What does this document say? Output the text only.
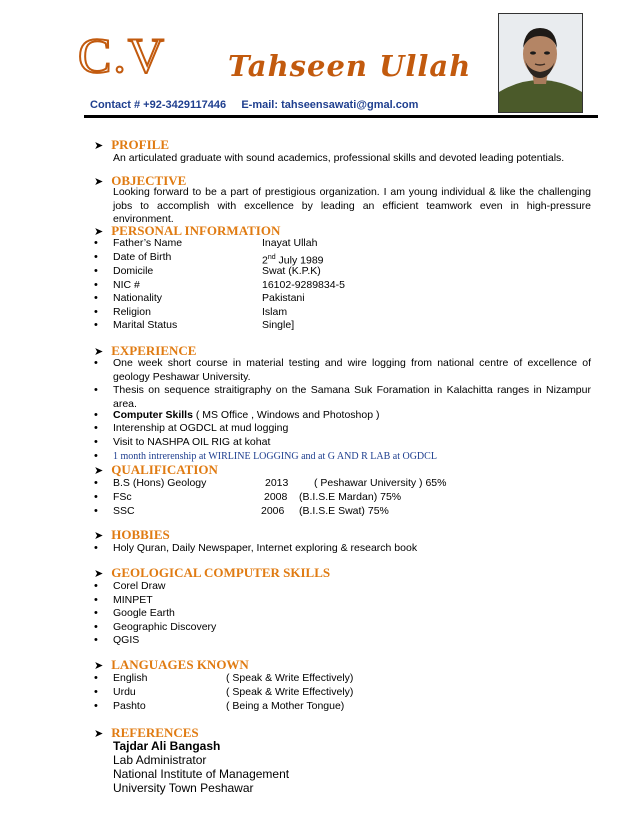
C.V Tahseen Ullah
Contact # +92-3429117446     E-mail: tahseensawati@gmal.com
➤ PROFILE
An articulated graduate with sound academics, professional skills and devoted leading potentials.
➤ OBJECTIVE
Looking forward to be a part of prestigious organization. I am young individual & like the challenging jobs to accomplish with excellence by leading an efficient teamwork even in high-pressure environment.
➤ PERSONAL INFORMATION
• Father’s Name	Inayat Ullah
• Date of Birth	2nd July 1989
• Domicile	Swat (K.P.K)
• NIC #	16102-9289834-5
• Nationality	Pakistani
• Religion	Islam
• Marital Status	Single]
➤ EXPERIENCE
• One week short course in material testing and wire logging from national centre of excellence of geology Peshawar University.
• Thesis on sequence straitigraphy on the Samana Suk Foramation in Kalachitta ranges in Nizampur area.
• Computer Skills ( MS Office , Windows and Photoshop )
• Interenship at OGDCL at mud logging
• Visit to NASHPA OIL RIG at kohat
• 1 month intrerenship at WIRLINE LOGGING and at G AND R LAB at OGDCL
➤ QUALIFICATION
• B.S (Hons) Geology	2013 ( Peshawar University ) 65%
• FSc	2008 (B.I.S.E Mardan) 75%
• SSC	2006 (B.I.S.E Swat) 75%
➤ HOBBIES
• Holy Quran, Daily Newspaper, Internet exploring & research book
➤ GEOLOGICAL COMPUTER SKILLS
• Corel Draw
• MINPET
• Google Earth
• Geographic Discovery
• QGIS
➤ LANGUAGES KNOWN
• English	( Speak & Write Effectively)
• Urdu	( Speak & Write Effectively)
• Pashto	( Being a Mother Tongue)
➤ REFERENCES
Tajdar Ali Bangash
Lab Administrator
National Institute of Management
University Town Peshawar
